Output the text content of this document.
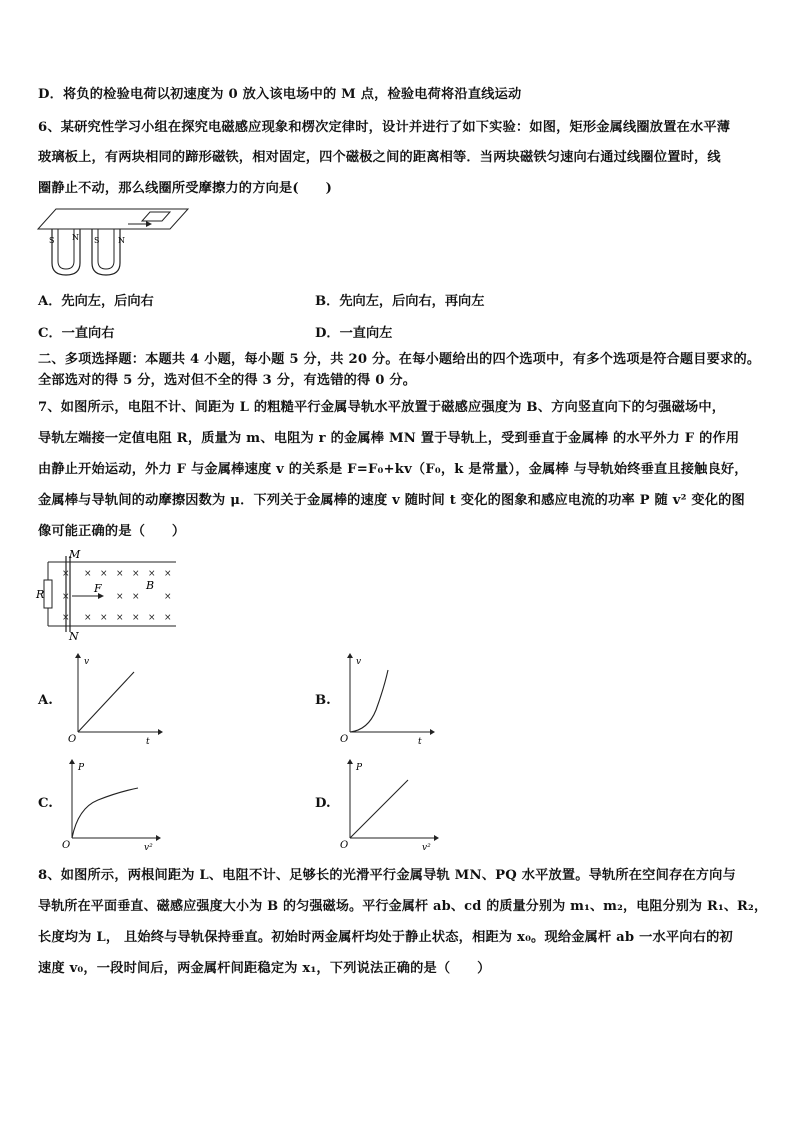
D．将负的检验电荷以初速度为 0 放入该电场中的 M 点，检验电荷将沿直线运动
6、某研究性学习小组在探究电磁感应现象和楞次定律时，设计并进行了如下实验：如图，矩形金属线圈放置在水平薄
玻璃板上，有两块相同的蹄形磁铁，相对固定，四个磁极之间的距离相等．当两块磁铁匀速向右通过线圈位置时，线
圈静止不动，那么线圈所受摩擦力的方向是(　　)
S N S N
A．先向左，后向右	B．先向左，后向右，再向左
C．一直向右	D．一直向左
二、多项选择题：本题共 4 小题，每小题 5 分，共 20 分。在每小题给出的四个选项中，有多个选项是符合题目要求的。
全部选对的得 5 分，选对但不全的得 3 分，有选错的得 0 分。
7、如图所示，电阻不计、间距为 L 的粗糙平行金属导轨水平放置于磁感应强度为 B、方向竖直向下的匀强磁场中，
导轨左端接一定值电阻 R，质量为 m、电阻为 r 的金属棒 MN 置于导轨上，受到垂直于金属棒 的水平外力 F 的作用
由静止开始运动，外力 F 与金属棒速度 v 的关系是 F=F₀+kv（F₀，k 是常量），金属棒 与导轨始终垂直且接触良好，
金属棒与导轨间的动摩擦因数为 μ．下列关于金属棒的速度 v 随时间 t 变化的图象和感应电流的功率 P 随 v² 变化的图
像可能正确的是（　　）
M
N
R	F	B
× × × × × × ×
×	× ×	×
× × × × × × ×
A.
v
t
O
B.
v
t
O
C.
P
v²
O
D.
P
v²
O
8、如图所示，两根间距为 L、电阻不计、足够长的光滑平行金属导轨 MN、PQ 水平放置。导轨所在空间存在方向与
导轨所在平面垂直、磁感应强度大小为 B 的匀强磁场。平行金属杆 ab、cd 的质量分别为 m₁、m₂，电阻分别为 R₁、R₂，
长度均为 L， 且始终与导轨保持垂直。初始时两金属杆均处于静止状态，相距为 x₀。现给金属杆 ab 一水平向右的初
速度 v₀，一段时间后，两金属杆间距稳定为 x₁，下列说法正确的是（　　）
